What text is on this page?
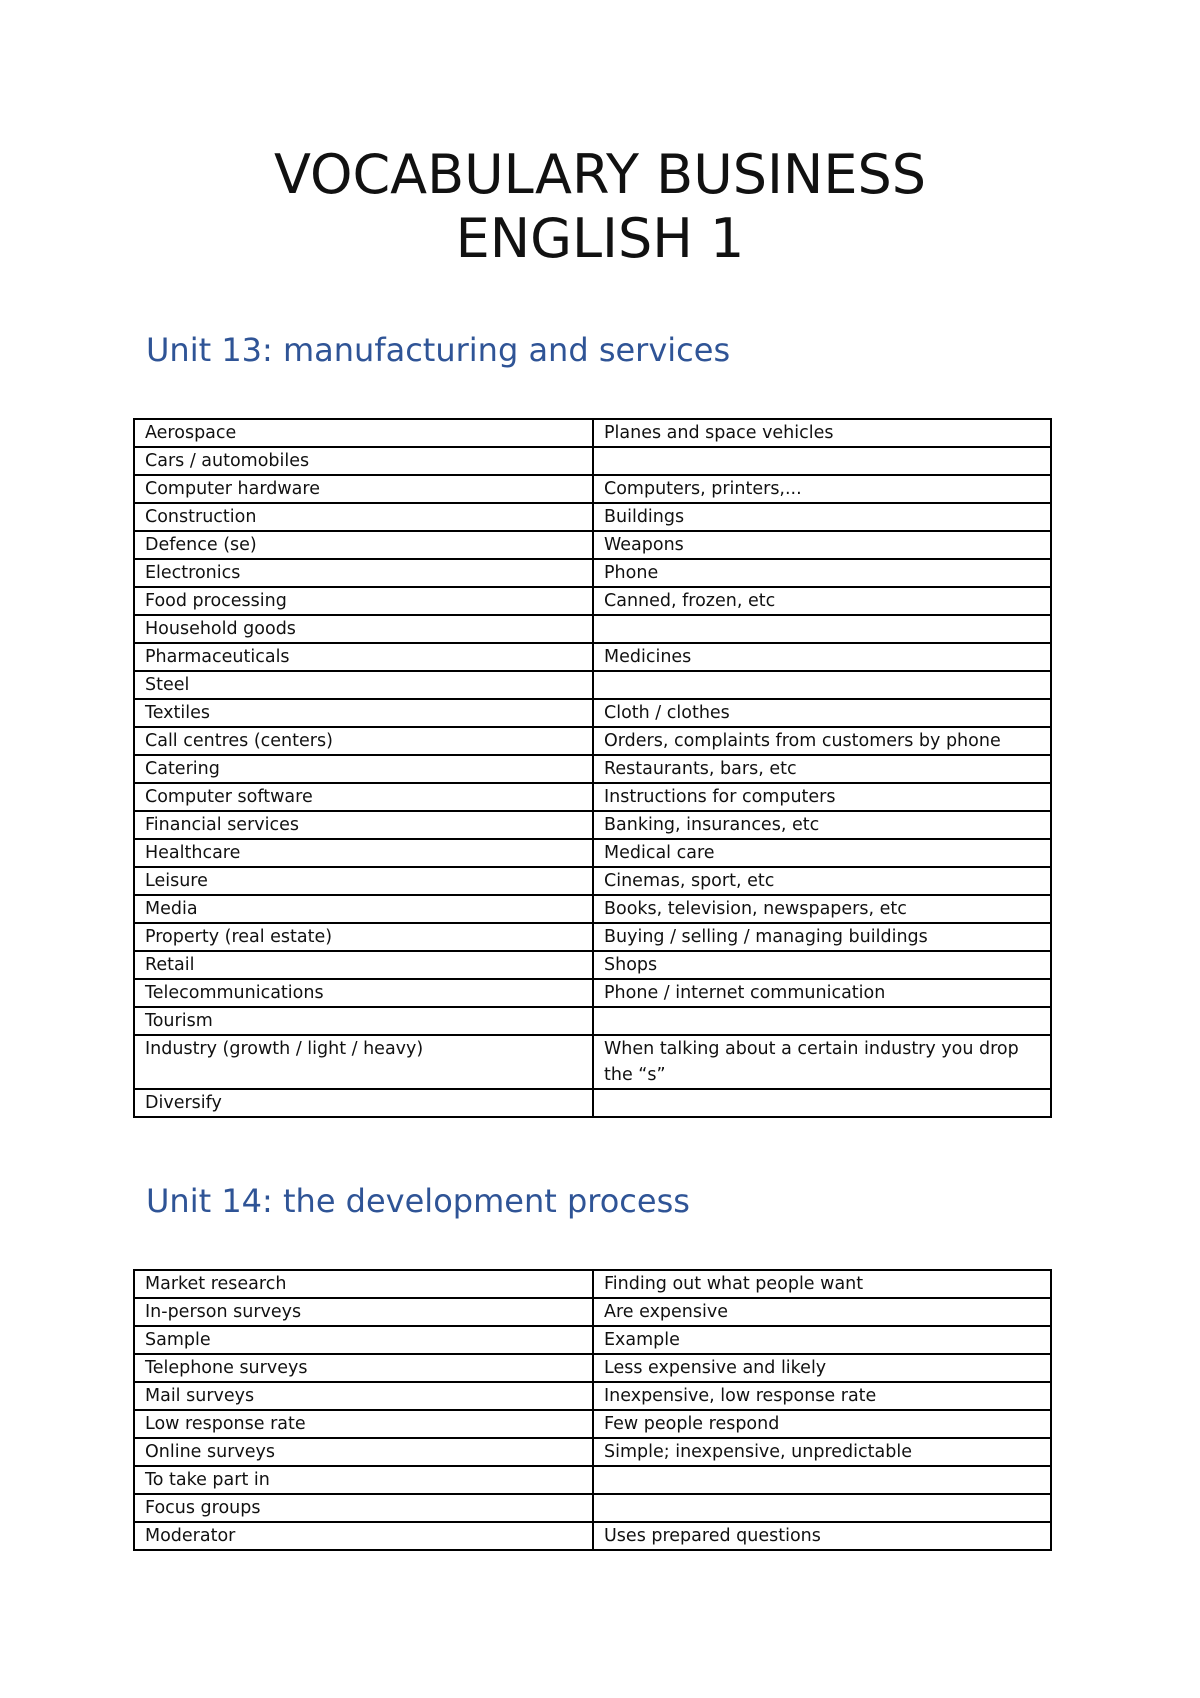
VOCABULARY BUSINESS
ENGLISH 1
Unit 13: manufacturing and services
Aerospace	Planes and space vehicles
Cars / automobiles	
Computer hardware	Computers, printers,...
Construction	Buildings
Defence (se)	Weapons
Electronics	Phone
Food processing	Canned, frozen, etc
Household goods	
Pharmaceuticals	Medicines
Steel	
Textiles	Cloth / clothes
Call centres (centers)	Orders, complaints from customers by phone
Catering	Restaurants, bars, etc
Computer software	Instructions for computers
Financial services	Banking, insurances, etc
Healthcare	Medical care
Leisure	Cinemas, sport, etc
Media	Books, television, newspapers, etc
Property (real estate)	Buying / selling / managing buildings
Retail	Shops
Telecommunications	Phone / internet communication
Tourism	
Industry (growth / light / heavy)	When talking about a certain industry you drop the “s”
Diversify	
Unit 14: the development process
Market research	Finding out what people want
In-person surveys	Are expensive
Sample	Example
Telephone surveys	Less expensive and likely
Mail surveys	Inexpensive, low response rate
Low response rate	Few people respond
Online surveys	Simple; inexpensive, unpredictable
To take part in	
Focus groups	
Moderator	Uses prepared questions
